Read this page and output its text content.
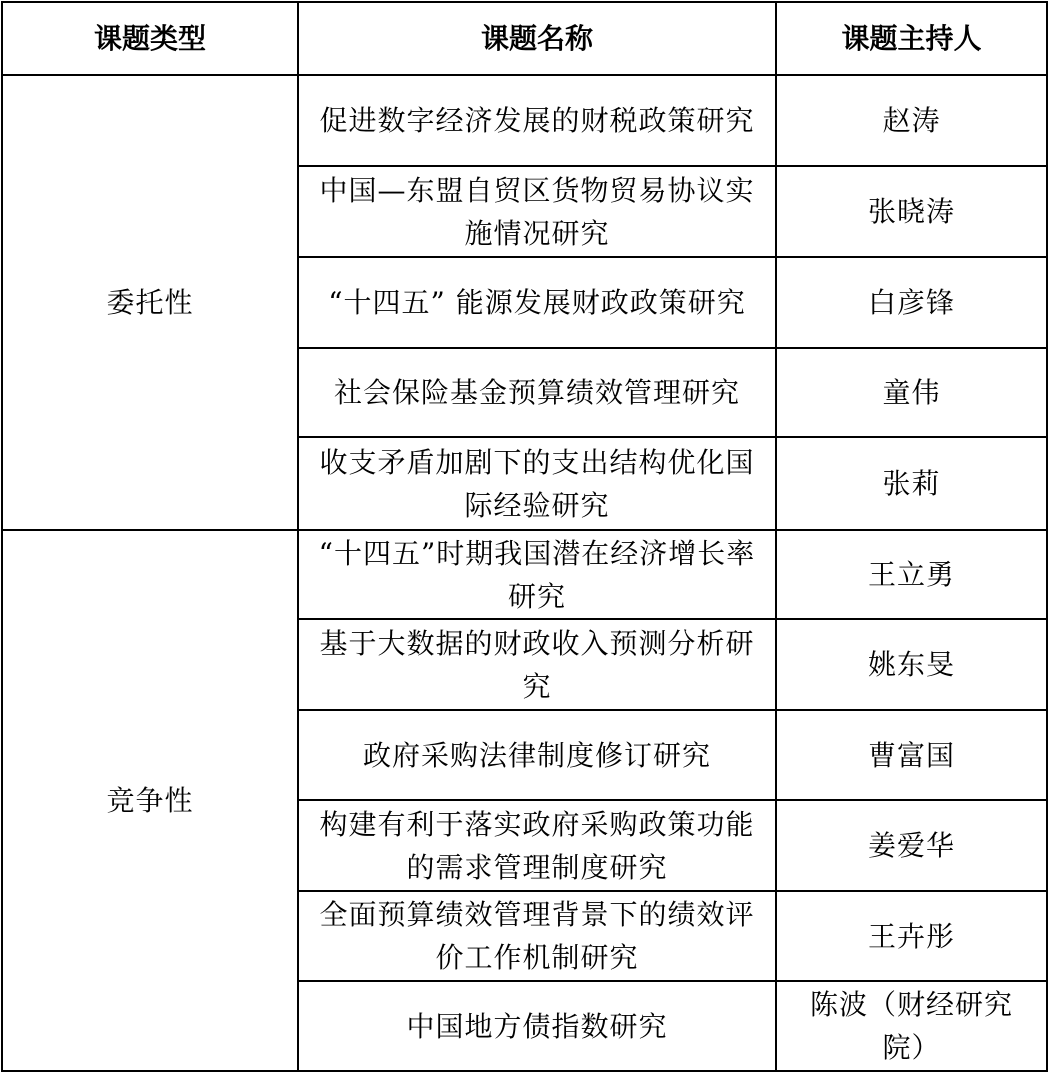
课题类型	课题名称	课题主持人
委托性	促进数字经济发展的财税政策研究	赵涛
	中国—东盟自贸区货物贸易协议实施情况研究	张晓涛
	“十四五” 能源发展财政政策研究	白彦锋
	社会保险基金预算绩效管理研究	童伟
	收支矛盾加剧下的支出结构优化国际经验研究	张莉
竞争性	“十四五”时期我国潜在经济增长率研究	王立勇
	基于大数据的财政收入预测分析研究	姚东旻
	政府采购法律制度修订研究	曹富国
	构建有利于落实政府采购政策功能的需求管理制度研究	姜爱华
	全面预算绩效管理背景下的绩效评价工作机制研究	王卉彤
	中国地方债指数研究	陈波（财经研究院）
